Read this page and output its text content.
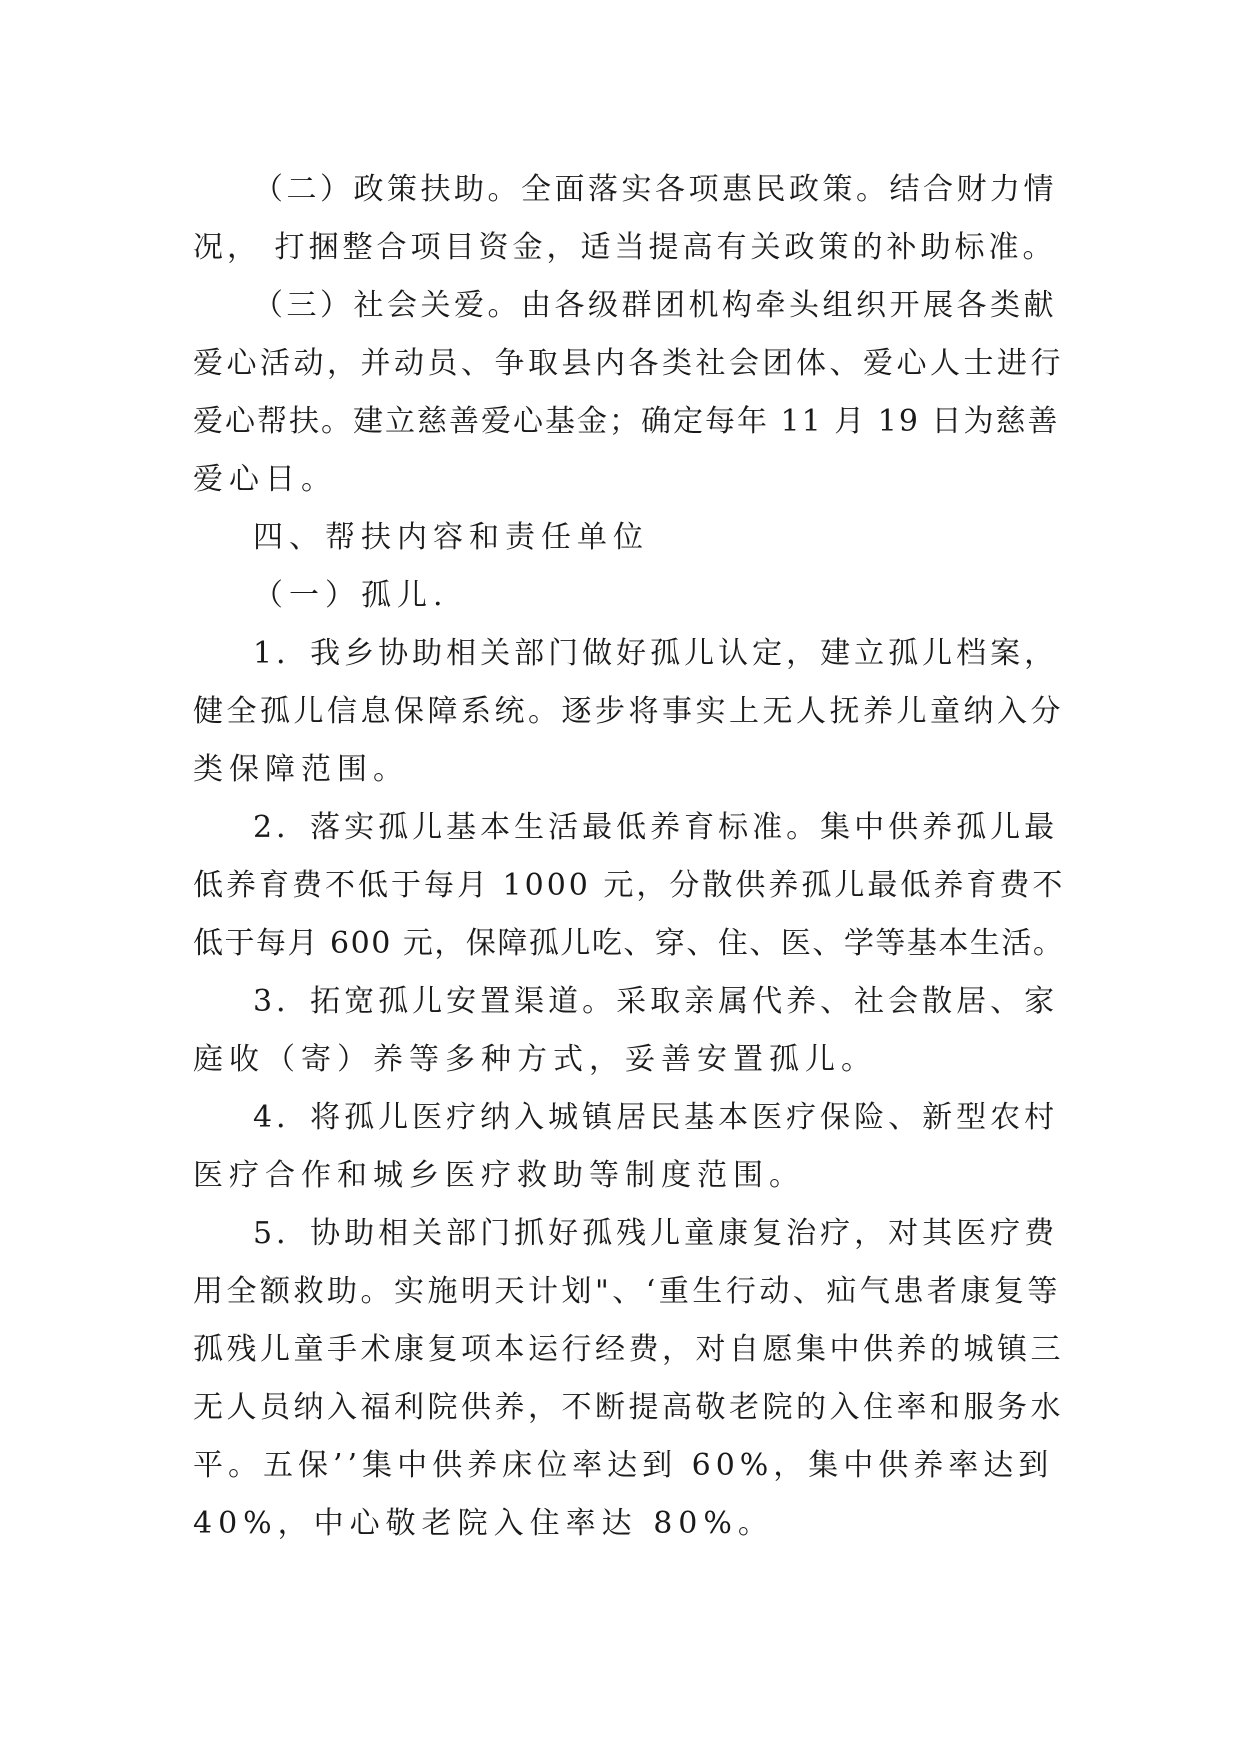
（二）政策扶助。全面落实各项惠民政策。结合财力情
况， 打捆整合项目资金，适当提高有关政策的补助标准。
（三）社会关爱。由各级群团机构牵头组织开展各类献
爱心活动，并动员、争取县内各类社会团体、爱心人士进行
爱心帮扶。建立慈善爱心基金；确定每年 11 月 19 日为慈善
爱心日。
四、帮扶内容和责任单位
（一）孤儿.
1．我乡协助相关部门做好孤儿认定，建立孤儿档案，
健全孤儿信息保障系统。逐步将事实上无人抚养儿童纳入分
类保障范围。
2．落实孤儿基本生活最低养育标准。集中供养孤儿最
低养育费不低于每月 1000 元，分散供养孤儿最低养育费不
低于每月 600 元，保障孤儿吃、穿、住、医、学等基本生活。
3．拓宽孤儿安置渠道。采取亲属代养、社会散居、家
庭收（寄）养等多种方式，妥善安置孤儿。
4．将孤儿医疗纳入城镇居民基本医疗保险、新型农村
医疗合作和城乡医疗救助等制度范围。
5．协助相关部门抓好孤残儿童康复治疗，对其医疗费
用全额救助。实施明天计划"、‘重生行动、疝气患者康复等
孤残儿童手术康复项本运行经费，对自愿集中供养的城镇三
无人员纳入福利院供养，不断提高敬老院的入住率和服务水
平。五保’’集中供养床位率达到 60%，集中供养率达到
40%，中心敬老院入住率达 80%。
